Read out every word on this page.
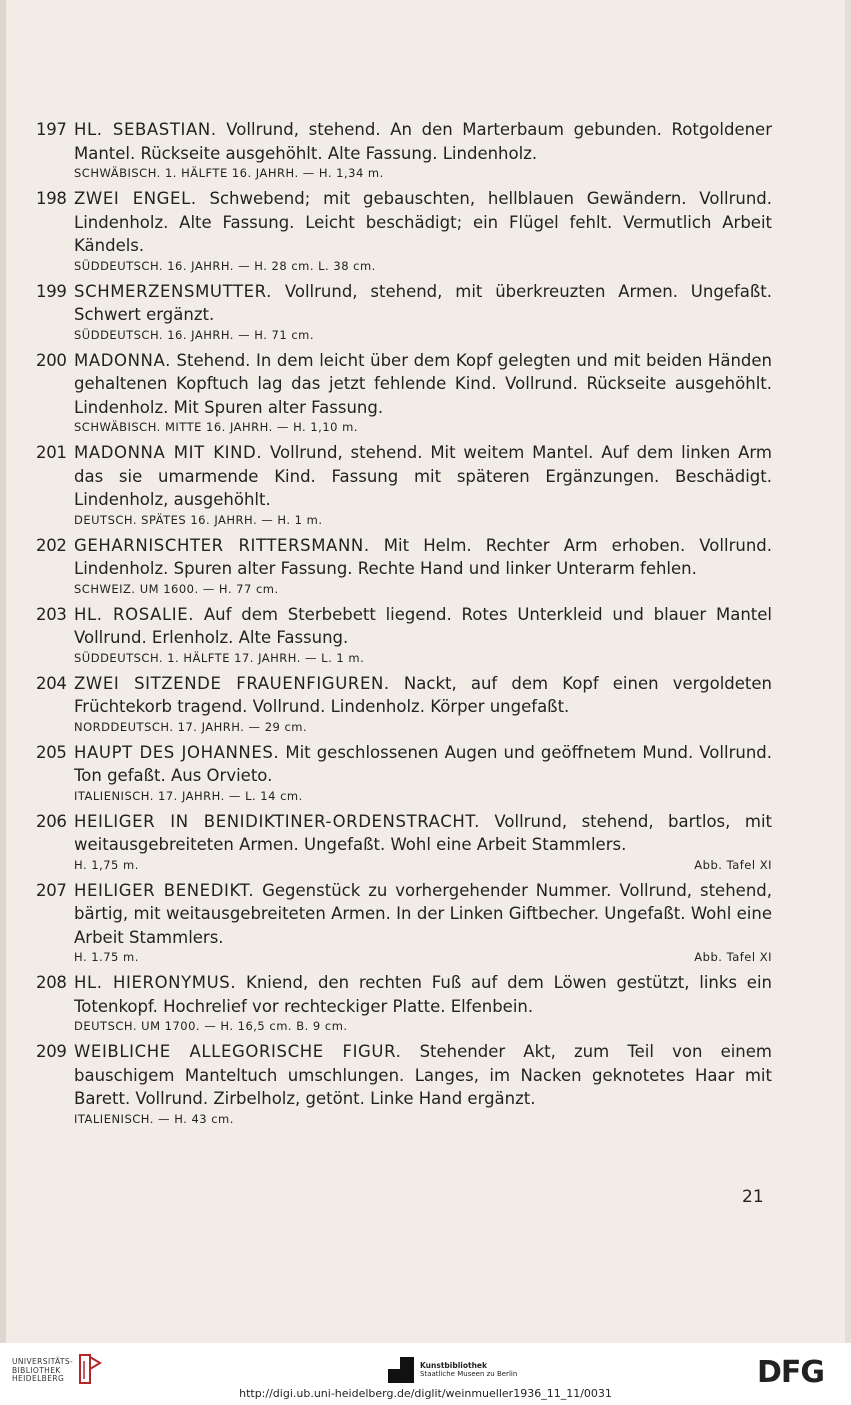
197 HL. SEBASTIAN. Vollrund, stehend. An den Marterbaum gebunden. Rotgoldener Mantel. Rückseite ausgehöhlt. Alte Fassung. Lindenholz.
SCHWÄBISCH. 1. HÄLFTE 16. JAHRH. — H. 1,34 m.
198 ZWEI ENGEL. Schwebend; mit gebauschten, hellblauen Gewändern. Vollrund. Lindenholz. Alte Fassung. Leicht beschädigt; ein Flügel fehlt. Vermutlich Arbeit Kändels.
SÜDDEUTSCH. 16. JAHRH. — H. 28 cm. L. 38 cm.
199 SCHMERZENSMUTTER. Vollrund, stehend, mit überkreuzten Armen. Ungefaßt. Schwert ergänzt.
SÜDDEUTSCH. 16. JAHRH. — H. 71 cm.
200 MADONNA. Stehend. In dem leicht über dem Kopf gelegten und mit beiden Händen gehaltenen Kopftuch lag das jetzt fehlende Kind. Vollrund. Rückseite ausgehöhlt. Lindenholz. Mit Spuren alter Fassung.
SCHWÄBISCH. MITTE 16. JAHRH. — H. 1,10 m.
201 MADONNA MIT KIND. Vollrund, stehend. Mit weitem Mantel. Auf dem linken Arm das sie umarmende Kind. Fassung mit späteren Ergänzungen. Beschädigt. Lindenholz, ausgehöhlt.
DEUTSCH. SPÄTES 16. JAHRH. — H. 1 m.
202 GEHARNISCHTER RITTERSMANN. Mit Helm. Rechter Arm erhoben. Vollrund. Lindenholz. Spuren alter Fassung. Rechte Hand und linker Unterarm fehlen.
SCHWEIZ. UM 1600. — H. 77 cm.
203 HL. ROSALIE. Auf dem Sterbebett liegend. Rotes Unterkleid und blauer Mantel Vollrund. Erlenholz. Alte Fassung.
SÜDDEUTSCH. 1. HÄLFTE 17. JAHRH. — L. 1 m.
204 ZWEI SITZENDE FRAUENFIGUREN. Nackt, auf dem Kopf einen vergoldeten Früchtekorb tragend. Vollrund. Lindenholz. Körper ungefaßt.
NORDDEUTSCH. 17. JAHRH. — 29 cm.
205 HAUPT DES JOHANNES. Mit geschlossenen Augen und geöffnetem Mund. Vollrund. Ton gefaßt. Aus Orvieto.
ITALIENISCH. 17. JAHRH. — L. 14 cm.
206 HEILIGER IN BENIDIKTINER-ORDENSTRACHT. Vollrund, stehend, bartlos, mit weitausgebreiteten Armen. Ungefaßt. Wohl eine Arbeit Stammlers.
H. 1,75 m.	Abb. Tafel XI
207 HEILIGER BENEDIKT. Gegenstück zu vorhergehender Nummer. Vollrund, stehend, bärtig, mit weitausgebreiteten Armen. In der Linken Giftbecher. Ungefaßt. Wohl eine Arbeit Stammlers.
H. 1.75 m.	Abb. Tafel XI
208 HL. HIERONYMUS. Kniend, den rechten Fuß auf dem Löwen gestützt, links ein Totenkopf. Hochrelief vor rechteckiger Platte. Elfenbein.
DEUTSCH. UM 1700. — H. 16,5 cm. B. 9 cm.
209 WEIBLICHE ALLEGORISCHE FIGUR. Stehender Akt, zum Teil von einem bauschigem Manteltuch umschlungen. Langes, im Nacken geknotetes Haar mit Barett. Vollrund. Zirbelholz, getönt. Linke Hand ergänzt.
ITALIENISCH. — H. 43 cm.
21
UNIVERSITÄTS-
BIBLIOTHEK
HEIDELBERG
Kunstbibliothek
Staatliche Museen zu Berlin	DFG
http://digi.ub.uni-heidelberg.de/diglit/weinmueller1936_11_11/0031
